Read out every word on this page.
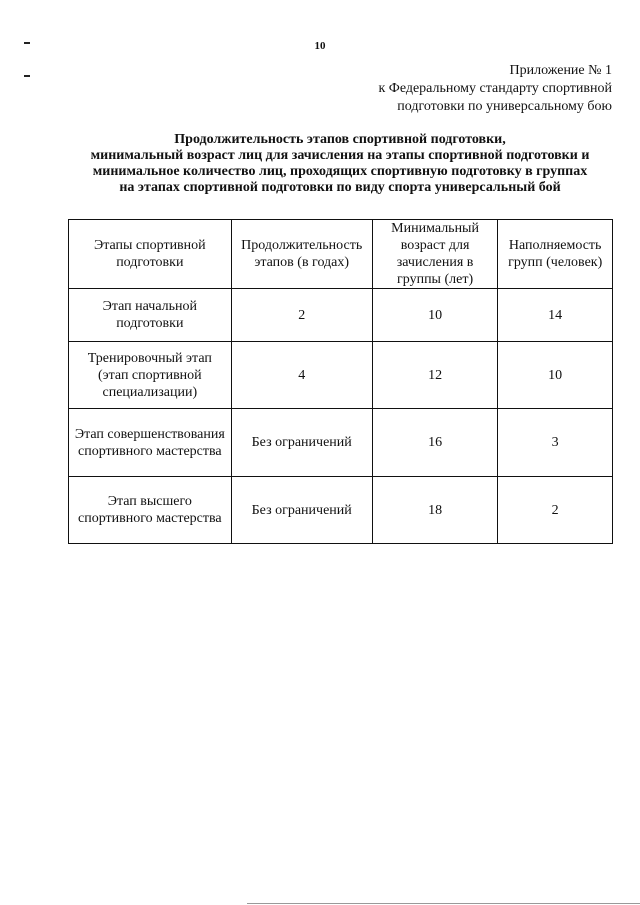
10
Приложение № 1
к Федеральному стандарту спортивной
подготовки по универсальному бою
Продолжительность этапов спортивной подготовки,
минимальный возраст лиц для зачисления на этапы спортивной подготовки и
минимальное количество лиц, проходящих спортивную подготовку в группах
на этапах спортивной подготовки по виду спорта универсальный бой
Этапы спортивной подготовки	Продолжительность этапов (в годах)	Минимальный возраст для зачисления в группы (лет)	Наполняемость групп (человек)
Этап начальной подготовки	2	10	14
Тренировочный этап (этап спортивной специализации)	4	12	10
Этап совершенствования спортивного мастерства	Без ограничений	16	3
Этап высшего спортивного мастерства	Без ограничений	18	2
